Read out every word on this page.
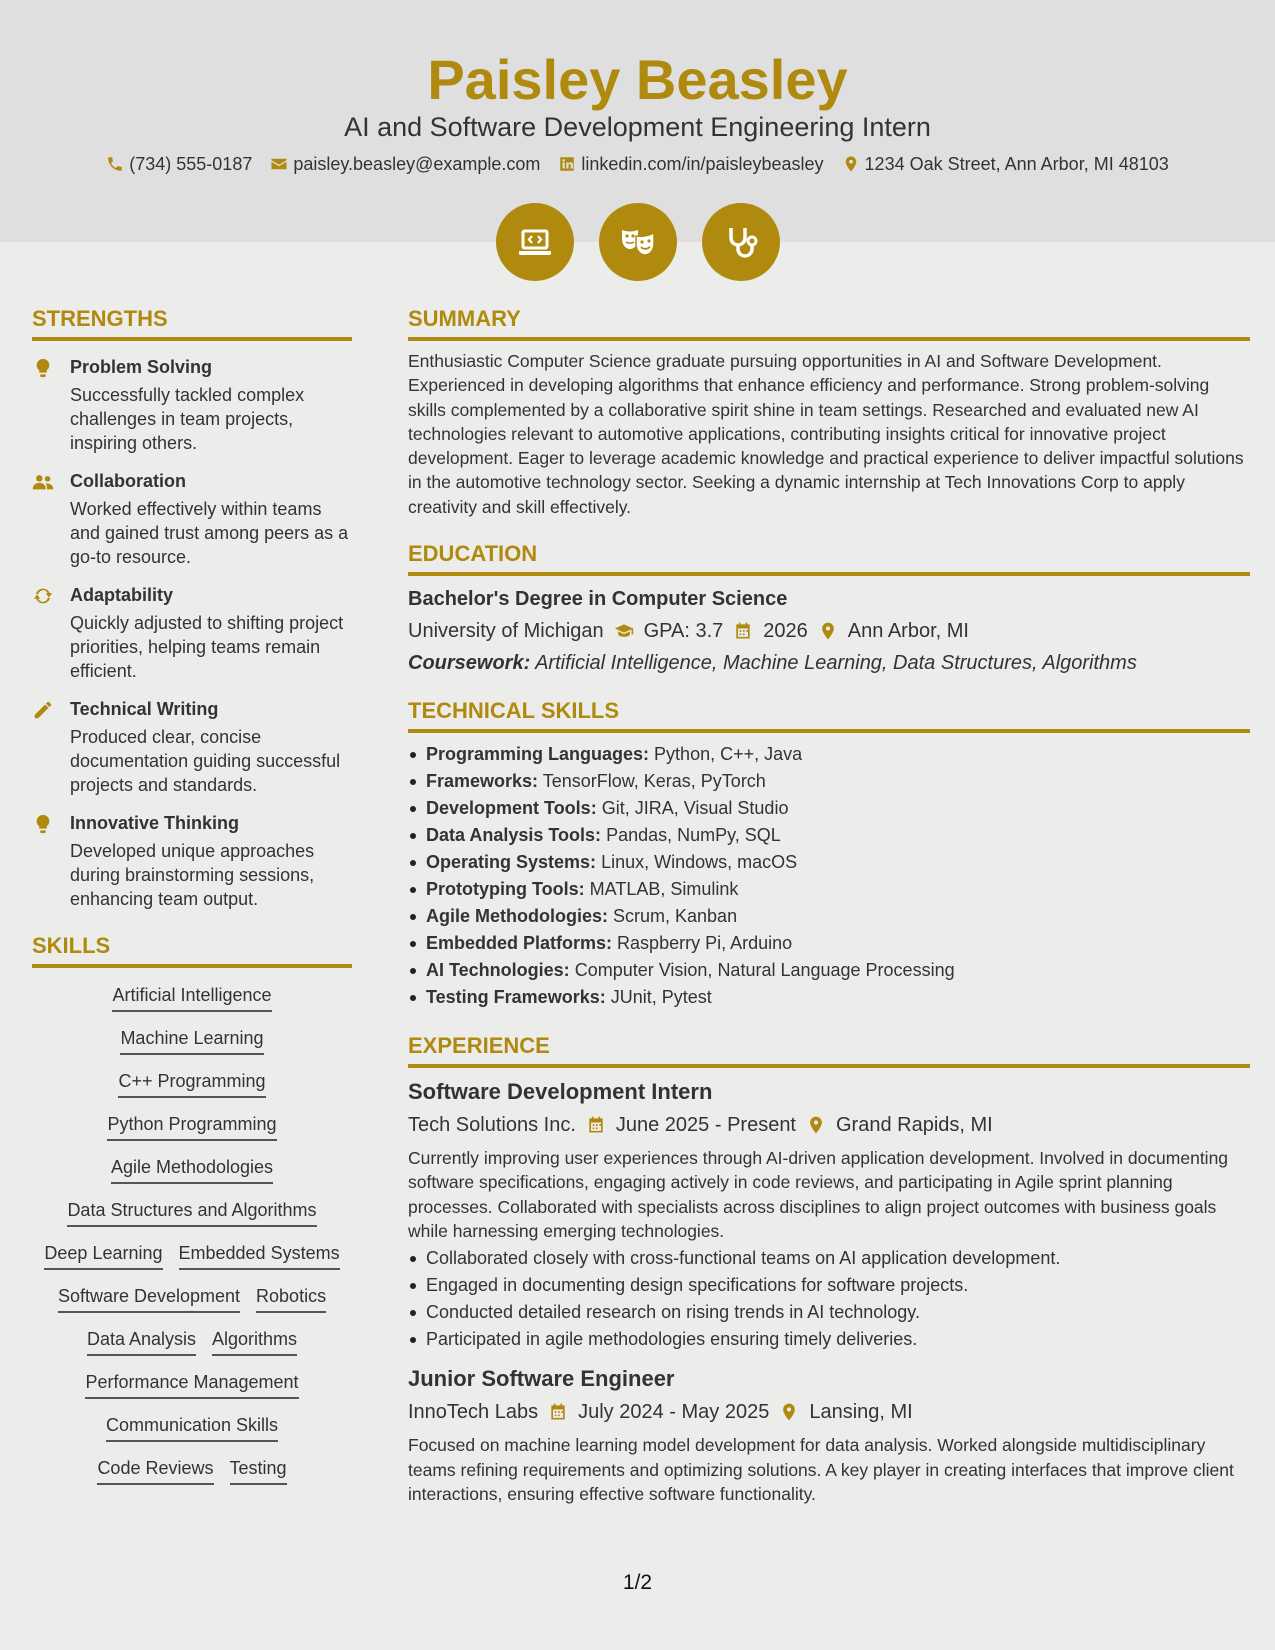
Paisley Beasley
AI and Software Development Engineering Intern
(734) 555-0187 paisley.beasley@example.com linkedin.com/in/paisleybeasley 1234 Oak Street, Ann Arbor, MI 48103
STRENGTHS
Problem Solving
Successfully tackled complex challenges in team projects, inspiring others.
Collaboration
Worked effectively within teams and gained trust among peers as a go-to resource.
Adaptability
Quickly adjusted to shifting project priorities, helping teams remain efficient.
Technical Writing
Produced clear, concise documentation guiding successful projects and standards.
Innovative Thinking
Developed unique approaches during brainstorming sessions, enhancing team output.
SKILLS
Artificial Intelligence
Machine Learning
C++ Programming
Python Programming
Agile Methodologies
Data Structures and Algorithms
Deep Learning Embedded Systems
Software Development Robotics
Data Analysis Algorithms
Performance Management
Communication Skills
Code Reviews Testing
SUMMARY
Enthusiastic Computer Science graduate pursuing opportunities in AI and Software Development. Experienced in developing algorithms that enhance efficiency and performance. Strong problem-solving skills complemented by a collaborative spirit shine in team settings. Researched and evaluated new AI technologies relevant to automotive applications, contributing insights critical for innovative project development. Eager to leverage academic knowledge and practical experience to deliver impactful solutions in the automotive technology sector. Seeking a dynamic internship at Tech Innovations Corp to apply creativity and skill effectively.
EDUCATION
Bachelor's Degree in Computer Science
University of Michigan GPA: 3.7 2026 Ann Arbor, MI
Coursework: Artificial Intelligence, Machine Learning, Data Structures, Algorithms
TECHNICAL SKILLS
Programming Languages: Python, C++, Java
Frameworks: TensorFlow, Keras, PyTorch
Development Tools: Git, JIRA, Visual Studio
Data Analysis Tools: Pandas, NumPy, SQL
Operating Systems: Linux, Windows, macOS
Prototyping Tools: MATLAB, Simulink
Agile Methodologies: Scrum, Kanban
Embedded Platforms: Raspberry Pi, Arduino
AI Technologies: Computer Vision, Natural Language Processing
Testing Frameworks: JUnit, Pytest
EXPERIENCE
Software Development Intern
Tech Solutions Inc. June 2025 - Present Grand Rapids, MI
Currently improving user experiences through AI-driven application development. Involved in documenting software specifications, engaging actively in code reviews, and participating in Agile sprint planning processes. Collaborated with specialists across disciplines to align project outcomes with business goals while harnessing emerging technologies.
Collaborated closely with cross-functional teams on AI application development.
Engaged in documenting design specifications for software projects.
Conducted detailed research on rising trends in AI technology.
Participated in agile methodologies ensuring timely deliveries.
Junior Software Engineer
InnoTech Labs July 2024 - May 2025 Lansing, MI
Focused on machine learning model development for data analysis. Worked alongside multidisciplinary teams refining requirements and optimizing solutions. A key player in creating interfaces that improve client interactions, ensuring effective software functionality.
1/2
